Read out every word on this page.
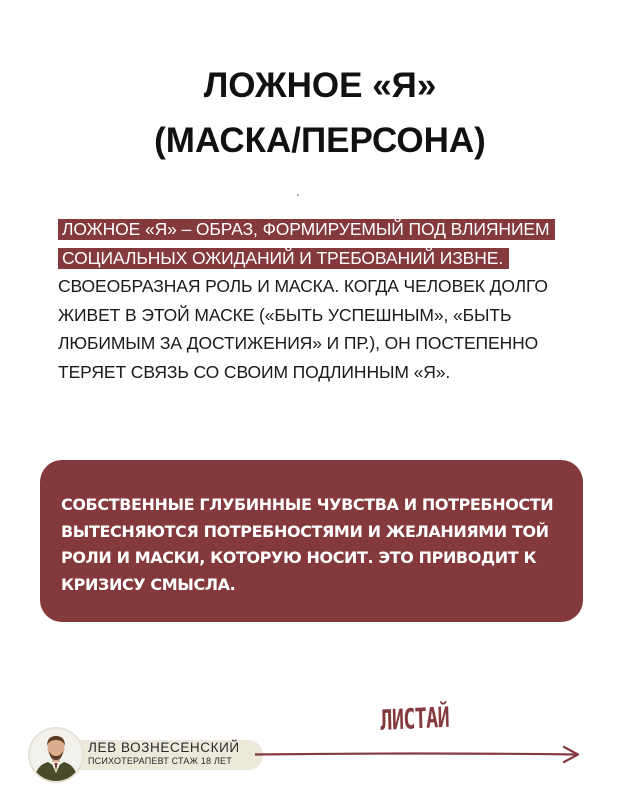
ЛОЖНОЕ «Я»
(МАСКА/ПЕРСОНА)

ЛОЖНОЕ «Я» – ОБРАЗ, ФОРМИРУЕМЫЙ ПОД ВЛИЯНИЕМ СОЦИАЛЬНЫХ ОЖИДАНИЙ И ТРЕБОВАНИЙ ИЗВНЕ. СВОЕОБРАЗНАЯ РОЛЬ И МАСКА. КОГДА ЧЕЛОВЕК ДОЛГО ЖИВЕТ В ЭТОЙ МАСКЕ («БЫТЬ УСПЕШНЫМ», «БЫТЬ ЛЮБИМЫМ ЗА ДОСТИЖЕНИЯ» И ПР.), ОН ПОСТЕПЕННО ТЕРЯЕТ СВЯЗЬ СО СВОИМ ПОДЛИННЫМ «Я».

СОБСТВЕННЫЕ ГЛУБИННЫЕ ЧУВСТВА И ПОТРЕБНОСТИ ВЫТЕСНЯЮТСЯ ПОТРЕБНОСТЯМИ И ЖЕЛАНИЯМИ ТОЙ РОЛИ И МАСКИ, КОТОРУЮ НОСИТ. ЭТО ПРИВОДИТ К КРИЗИСУ СМЫСЛА.

ЛЕВ ВОЗНЕСЕНСКИЙ
ПСИХОТЕРАПЕВТ СТАЖ 18 ЛЕТ
ЛИСТАЙ
